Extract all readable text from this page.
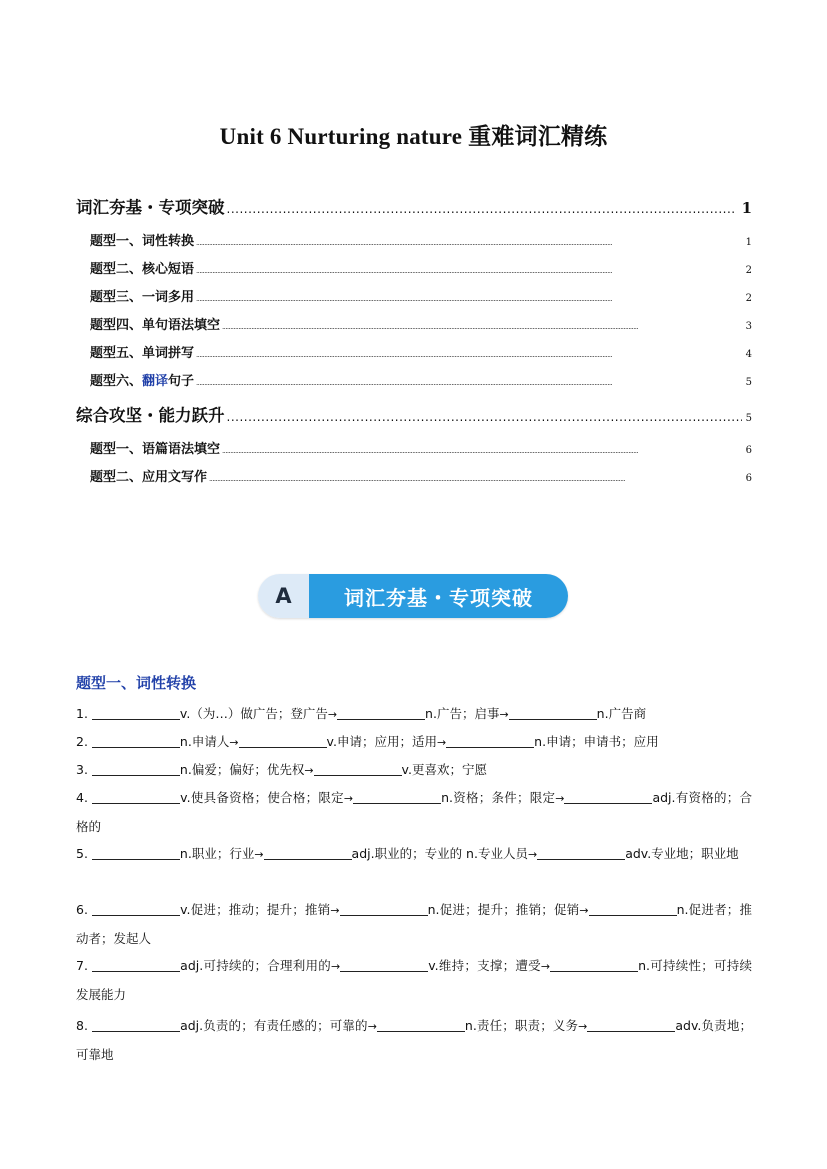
Unit 6 Nurturing nature 重难词汇精练
词汇夯基・专项突破 .....	1
题型一、词性转换 .....	1
题型二、核心短语 .....	2
题型三、一词多用 .....	2
题型四、单句语法填空 .....	3
题型五、单词拼写 .....	4
题型六、翻译句子 .....	5
综合攻坚・能力跃升 .....	5
题型一、语篇语法填空 .....	6
题型二、应用文写作 .....	6
A	词汇夯基・专项突破
题型一、词性转换
1.	v.（为…）做广告；登广告→	n.广告；启事→	n.广告商
2.	n.申请人→	v.申请；应用；适用→	n.申请；申请书；应用
3.	n.偏爱；偏好；优先权→	v.更喜欢；宁愿
4.	v.使具备资格；使合格；限定→	n.资格；条件；限定→	adj.有资格的；合格的
5.	n.职业；行业→	adj.职业的；专业的 n.专业人员→	adv.专业地；职业地
6.	v.促进；推动；提升；推销→	n.促进；提升；推销；促销→	n.促进者；推动者；发起人
7.	adj.可持续的；合理利用的→	v.维持；支撑；遭受→	n.可持续性；可持续发展能力
8.	adj.负责的；有责任感的；可靠的→	n.责任；职责；义务→	adv.负责地；可靠地
